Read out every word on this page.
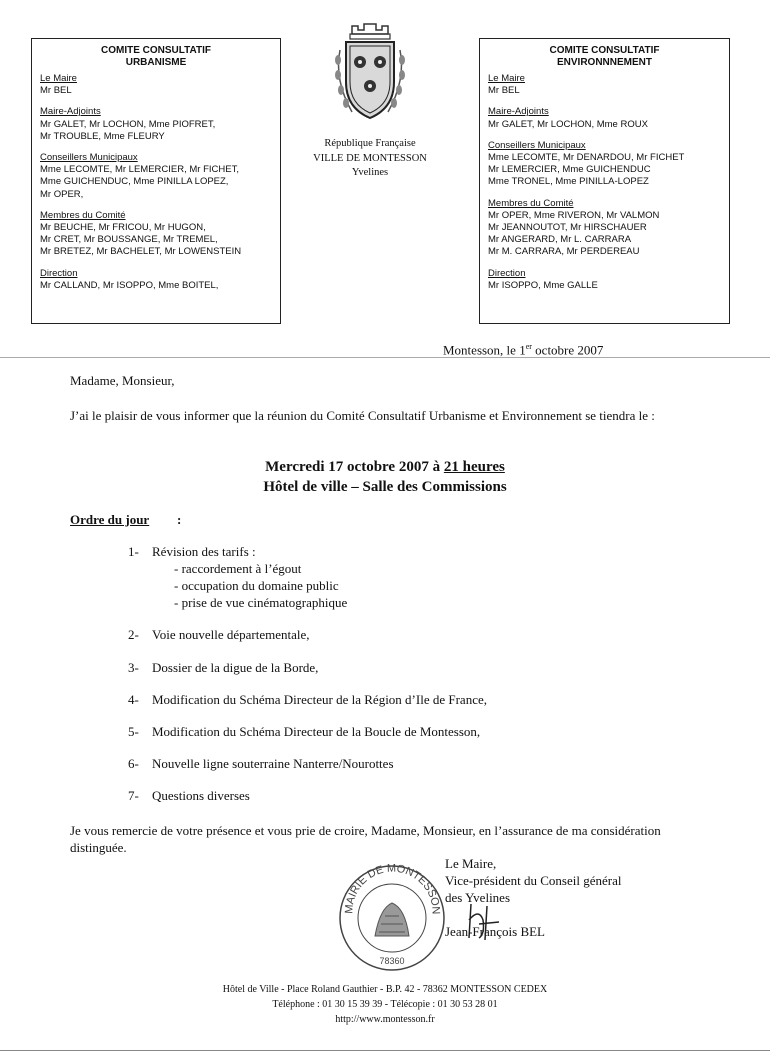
COMITE CONSULTATIF
URBANISME
Le Maire
Mr BEL
Maire-Adjoints
Mr GALET, Mr LOCHON, Mme PIOFRET,
Mr TROUBLE, Mme FLEURY
Conseillers Municipaux
Mme LECOMTE, Mr LEMERCIER, Mr FICHET,
Mme GUICHENDUC, Mme PINILLA LOPEZ,
Mr OPER,
Membres du Comité
Mr BEUCHE, Mr FRICOU, Mr HUGON,
Mr CRET, Mr BOUSSANGE, Mr TREMEL,
Mr BRETEZ, Mr BACHELET, Mr LOWENSTEIN
Direction
Mr CALLAND, Mr ISOPPO, Mme BOITEL,
COMITE CONSULTATIF
ENVIRONNNEMENT
Le Maire
Mr BEL
Maire-Adjoints
Mr GALET, Mr LOCHON, Mme ROUX
Conseillers Municipaux
Mme LECOMTE, Mr DENARDOU, Mr FICHET
Mr LEMERCIER, Mme GUICHENDUC
Mme TRONEL, Mme PINILLA-LOPEZ
Membres du Comité
Mr OPER, Mme RIVERON, Mr VALMON
Mr JEANNOUTOT, Mr HIRSCHAUER
Mr ANGERARD, Mr L. CARRARA
Mr M. CARRARA, Mr PERDEREAU
Direction
Mr ISOPPO, Mme GALLE
République Française
VILLE DE MONTESSON
Yvelines
Montesson, le 1er octobre 2007
Madame, Monsieur,
J’ai le plaisir de vous informer que la réunion du Comité Consultatif Urbanisme et Environnement se tiendra le :
Mercredi 17 octobre 2007 à 21 heures
Hôtel de ville – Salle des Commissions
Ordre du jour :
1- Révision des tarifs :
- raccordement à l’égout
- occupation du domaine public
- prise de vue cinématographique
2- Voie nouvelle départementale,
3- Dossier de la digue de la Borde,
4- Modification du Schéma Directeur de la Région d’Ile de France,
5- Modification du Schéma Directeur de la Boucle de Montesson,
6- Nouvelle ligne souterraine Nanterre/Nourottes
7- Questions diverses
Je vous remercie de votre présence et vous prie de croire, Madame, Monsieur, en l’assurance de ma considération distinguée.
MAIRIE DE MONTESSON
78360
Le Maire,
Vice-président du Conseil général
des Yvelines
Jean-François BEL
Hôtel de Ville - Place Roland Gauthier - B.P. 42 - 78362 MONTESSON CEDEX
Téléphone : 01 30 15 39 39 - Télécopie : 01 30 53 28 01
http://www.montesson.fr
